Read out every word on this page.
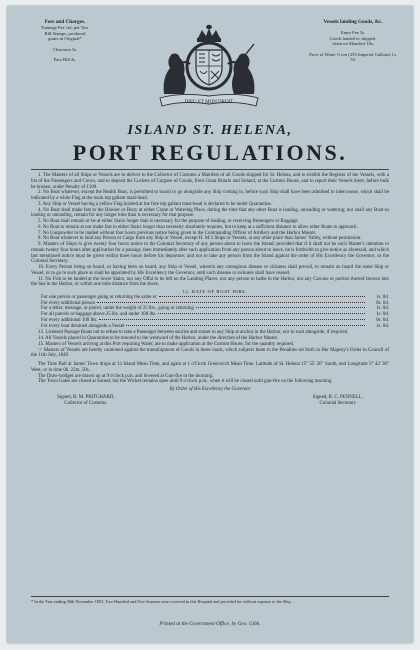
Fees and Charges.
Tonnage Fee ¼d. per Ton.
Bill Stamps, produced
gratis in Original*
Clearance 5s.
Pass Bill 4s.
Vessels landing Goods, &c.
Entry Fee 5s.
Goods landed or shipped,
when on Manifest 10s.
Price of Water ⅓ ton (253 Imperial Gallons) 1s. 7d.
DIEU ET MON DROIT
ISLAND ST. HELENA,
PORT REGULATIONS.

1. The Masters of all Ships or Vessels are to deliver to the Collector of Customs a Manifest of all Goods shipped for St. Helena, and to exhibit the Register of the Vessels, with a list of the Passengers and Crews, and to deposit the Cockets of Cargoes of Goods, from Great Britain and Ireland, at the Custom House, and to report their Vessels there, before bulk be broken, under Penalty of £100.

2. No Boat whatever, except the Health Boat, is permitted to board or go alongside any Ship coming in, before such Ship shall have been admitted to intercourse, which shall be indicated by a white Flag at the main top gallant mast-head.

3. Any Ship or Vessel having a yellow Flag hoisted at the fore top gallant mast-head is declared to be under Quarantine.

4. No Boat shall make fast to the Hawser or Buoy at either Crane or Watering Place, during the time that any other Boat is loading, unloading or watering; nor shall any Boat so loading or unloading, remain for any longer time than is necessary for that purpose.

5. No Boat shall remain or be at either Stairs longer than is necessary for the purpose of loading, or receiving Passengers or Baggage.

6. No Boat to remain at nor make fast to either Stairs longer than necessity absolutely requires, but to keep at a sufficient distance to allow other Boats to approach.

7. No Gunpowder to be landed without four hours previous notice being given to the Commanding Officer of Artillery and the Harbor Master.

8. No Boat whatever to land any Person or Cargo from any Ship or Vessel, except H. M.'s Ships or Vessels, at any other place than James' Valley, without permission.

9. Masters of Ships to give twenty four hours notice to the Colonial Secretary of any person about to leave the Island; provided that if it shall not be such Master's intention to remain twenty four hours after application for a passage, then immediately after such application from any person about to leave, he is forthwith to give notice as aforesaid, and which last mentioned notice must be given within three hours before his departure; and not to take any person from the Island against the order of His Excellency the Governor, or the Colonial Secretary.

10. Every Person being on board, or having been on board, any Ship or Vessel, wherein any contagious disease or sickness shall prevail, to remain on board the same Ship or Vessel, or to go to such place as shall be appointed by His Excellency the Governor, until such disease or sickness shall have ceased.

11. No Fish to be landed at the lower Stairs, nor any Offal to be left on the Landing Places, nor any person to bathe in the Harbor, nor any Carcase or portion thereof thrown into the Sea in the Harbor, or within one mile distance from the shore.

12. RATE OF BOAT HIRE.
For one person or passenger going or returning the same or	1s. 0d.
For every additional person	0s. 6d.
For a letter, message, or parcel, under the weight of 25 lbs., going or returning	1s. 0d.
For all parcels or baggage above 25 lbs. and under 100 lbs.	1s. 0d.
For every additional 100 lbs.	0s. 6d.
For every boat detained alongside a Vessel	1s. 0d.

13. Licensed Passage Boats not to refuse to take a Passenger between sunrise and sunset to any Ship at anchor in the Harbor, nor to wait alongside, if required.

14. All Vessels placed in Quarantine to be moored to the westward of the Harbor, under the direction of the Harbor Master.

15. Masters of Vessels arriving at this Port requiring Water, are to make application at the Custom House, for the quantity required.

☞ Masters of Vessels are hereby cautioned against the transshipment of Goods in these roads, which subjects them to the Penalties set forth in Her Majesty's Order in Council of the 11th July, 1849.

The Time Ball at James' Town drops at 12 Island Mean Time, and again at 1 o'Clock Greenwich Mean Time. Latitude of St. Helena 15° 55' 26" South, and Longitude 5° 42' 30" West, or in time 0h. 22m. 50s.

The Draw-bridges are drawn up at 9 o'clock p.m. and lowered at Gun-fire in the morning.

The Town Gates are closed at Sunset, but the Wicket remains open until 9 o'clock p.m., when it will be closed until gun-fire on the following morning.

By Order of His Excellency the Governor
Signed, R. M. PRITCHARD,
Collector of Customs.
Signed, R. C. PENNELL,
Colonial Secretary
* In the Year ending 30th November 1853, Two Hundred and Five Seamen were received in this Hospital and provided for without expense to the Ship.
Printed at the Government Office, by Geo. Gibb.
